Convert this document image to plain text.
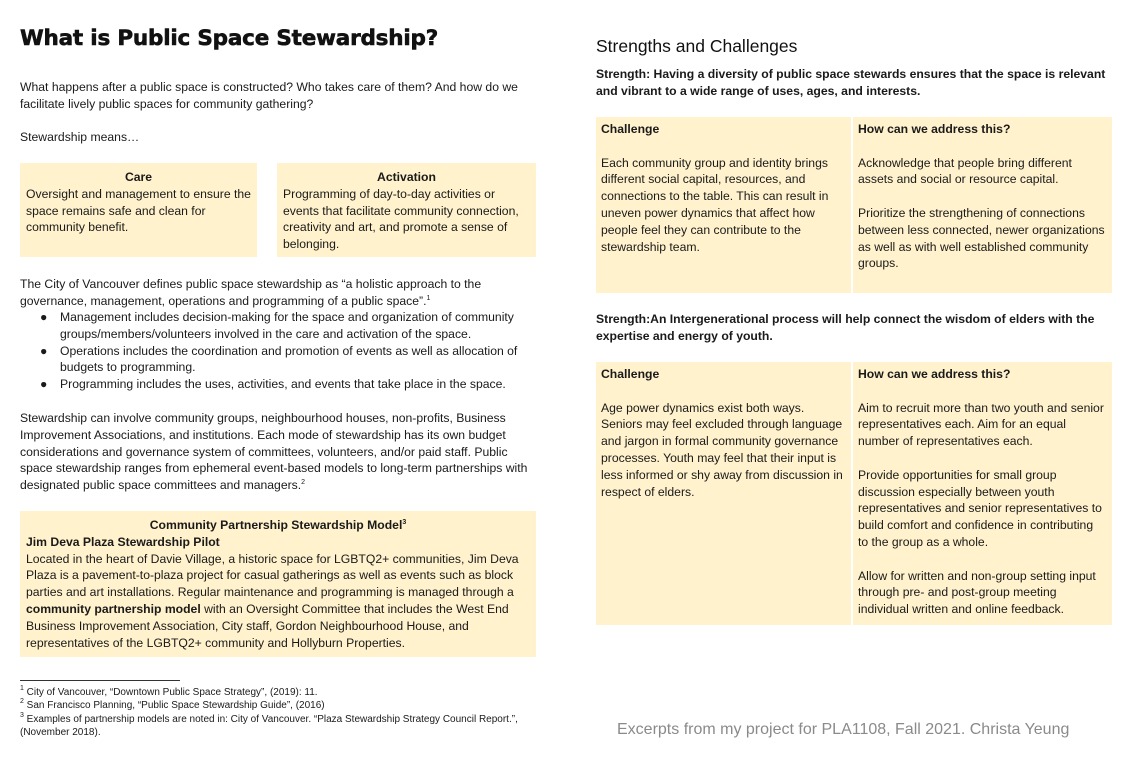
What is Public Space Stewardship?
What happens after a public space is constructed? Who takes care of them? And how do we facilitate lively public spaces for community gathering?
Stewardship means…
Care
Oversight and management to ensure the space remains safe and clean for community benefit.
Activation
Programming of day-to-day activities or events that facilitate community connection, creativity and art, and promote a sense of belonging.
The City of Vancouver defines public space stewardship as “a holistic approach to the governance, management, operations and programming of a public space”.$^1$
● Management includes decision-making for the space and organization of community groups/members/volunteers involved in the care and activation of the space.
● Operations includes the coordination and promotion of events as well as allocation of budgets to programming.
● Programming includes the uses, activities, and events that take place in the space.
Stewardship can involve community groups, neighbourhood houses, non-profits, Business Improvement Associations, and institutions. Each mode of stewardship has its own budget considerations and governance system of committees, volunteers, and/or paid staff. Public space stewardship ranges from ephemeral event-based models to long-term partnerships with designated public space committees and managers.$^2$
Community Partnership Stewardship Model$^3$
Jim Deva Plaza Stewardship Pilot
Located in the heart of Davie Village, a historic space for LGBTQ2+ communities, Jim Deva Plaza is a pavement-to-plaza project for casual gatherings as well as events such as block parties and art installations. Regular maintenance and programming is managed through a community partnership model with an Oversight Committee that includes the West End Business Improvement Association, City staff, Gordon Neighbourhood House, and representatives of the LGBTQ2+ community and Hollyburn Properties.
$^1$ City of Vancouver, “Downtown Public Space Strategy”, (2019): 11.
$^2$ San Francisco Planning, “Public Space Stewardship Guide”, (2016)
$^3$ Examples of partnership models are noted in: City of Vancouver. “Plaza Stewardship Strategy Council Report.”, (November 2018).
Strengths and Challenges
Strength: Having a diversity of public space stewards ensures that the space is relevant and vibrant to a wide range of uses, ages, and interests.
Challenge
Each community group and identity brings different social capital, resources, and connections to the table. This can result in uneven power dynamics that affect how people feel they can contribute to the stewardship team.
How can we address this?
Acknowledge that people bring different assets and social or resource capital.
Prioritize the strengthening of connections between less connected, newer organizations as well as with well established community groups.
Strength:An Intergenerational process will help connect the wisdom of elders with the expertise and energy of youth.
Challenge
Age power dynamics exist both ways. Seniors may feel excluded through language and jargon in formal community governance processes. Youth may feel that their input is less informed or shy away from discussion in respect of elders.
How can we address this?
Aim to recruit more than two youth and senior representatives each. Aim for an equal number of representatives each.
Provide opportunities for small group discussion especially between youth representatives and senior representatives to build comfort and confidence in contributing to the group as a whole.
Allow for written and non-group setting input through pre- and post-group meeting individual written and online feedback.
Excerpts from my project for PLA1108, Fall 2021. Christa Yeung
